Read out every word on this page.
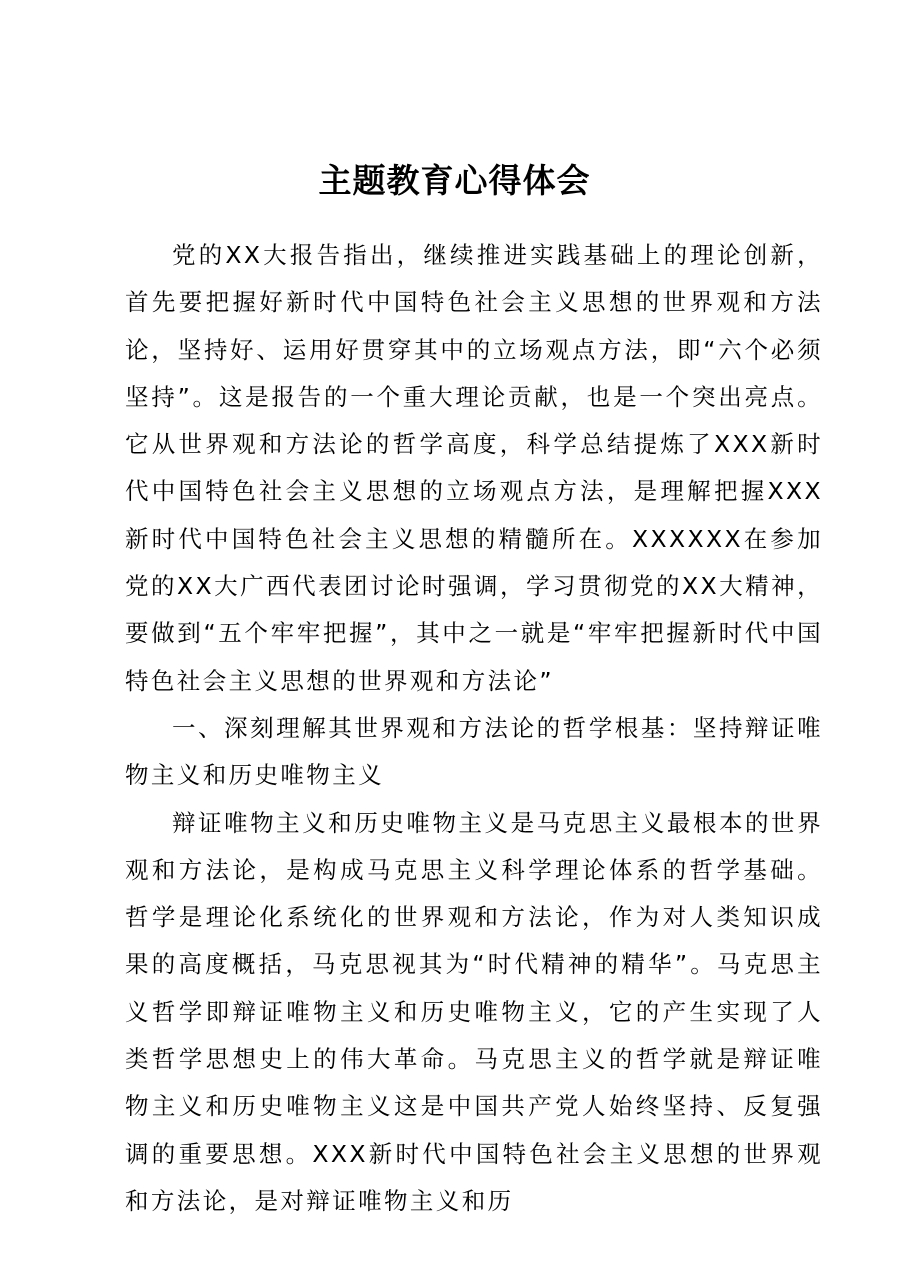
主题教育心得体会

党的XX大报告指出，继续推进实践基础上的理论创新，首先要把握好新时代中国特色社会主义思想的世界观和方法论，坚持好、运用好贯穿其中的立场观点方法，即“六个必须坚持”。这是报告的一个重大理论贡献，也是一个突出亮点。它从世界观和方法论的哲学高度，科学总结提炼了XXX新时代中国特色社会主义思想的立场观点方法，是理解把握XXX新时代中国特色社会主义思想的精髓所在。XXXXXX在参加党的XX大广西代表团讨论时强调，学习贯彻党的XX大精神，要做到“五个牢牢把握”，其中之一就是“牢牢把握新时代中国特色社会主义思想的世界观和方法论”

一、深刻理解其世界观和方法论的哲学根基：坚持辩证唯物主义和历史唯物主义

辩证唯物主义和历史唯物主义是马克思主义最根本的世界观和方法论，是构成马克思主义科学理论体系的哲学基础。哲学是理论化系统化的世界观和方法论，作为对人类知识成果的高度概括，马克思视其为“时代精神的精华”。马克思主义哲学即辩证唯物主义和历史唯物主义，它的产生实现了人类哲学思想史上的伟大革命。马克思主义的哲学就是辩证唯物主义和历史唯物主义这是中国共产党人始终坚持、反复强调的重要思想。XXX新时代中国特色社会主义思想的世界观和方法论，是对辩证唯物主义和历
